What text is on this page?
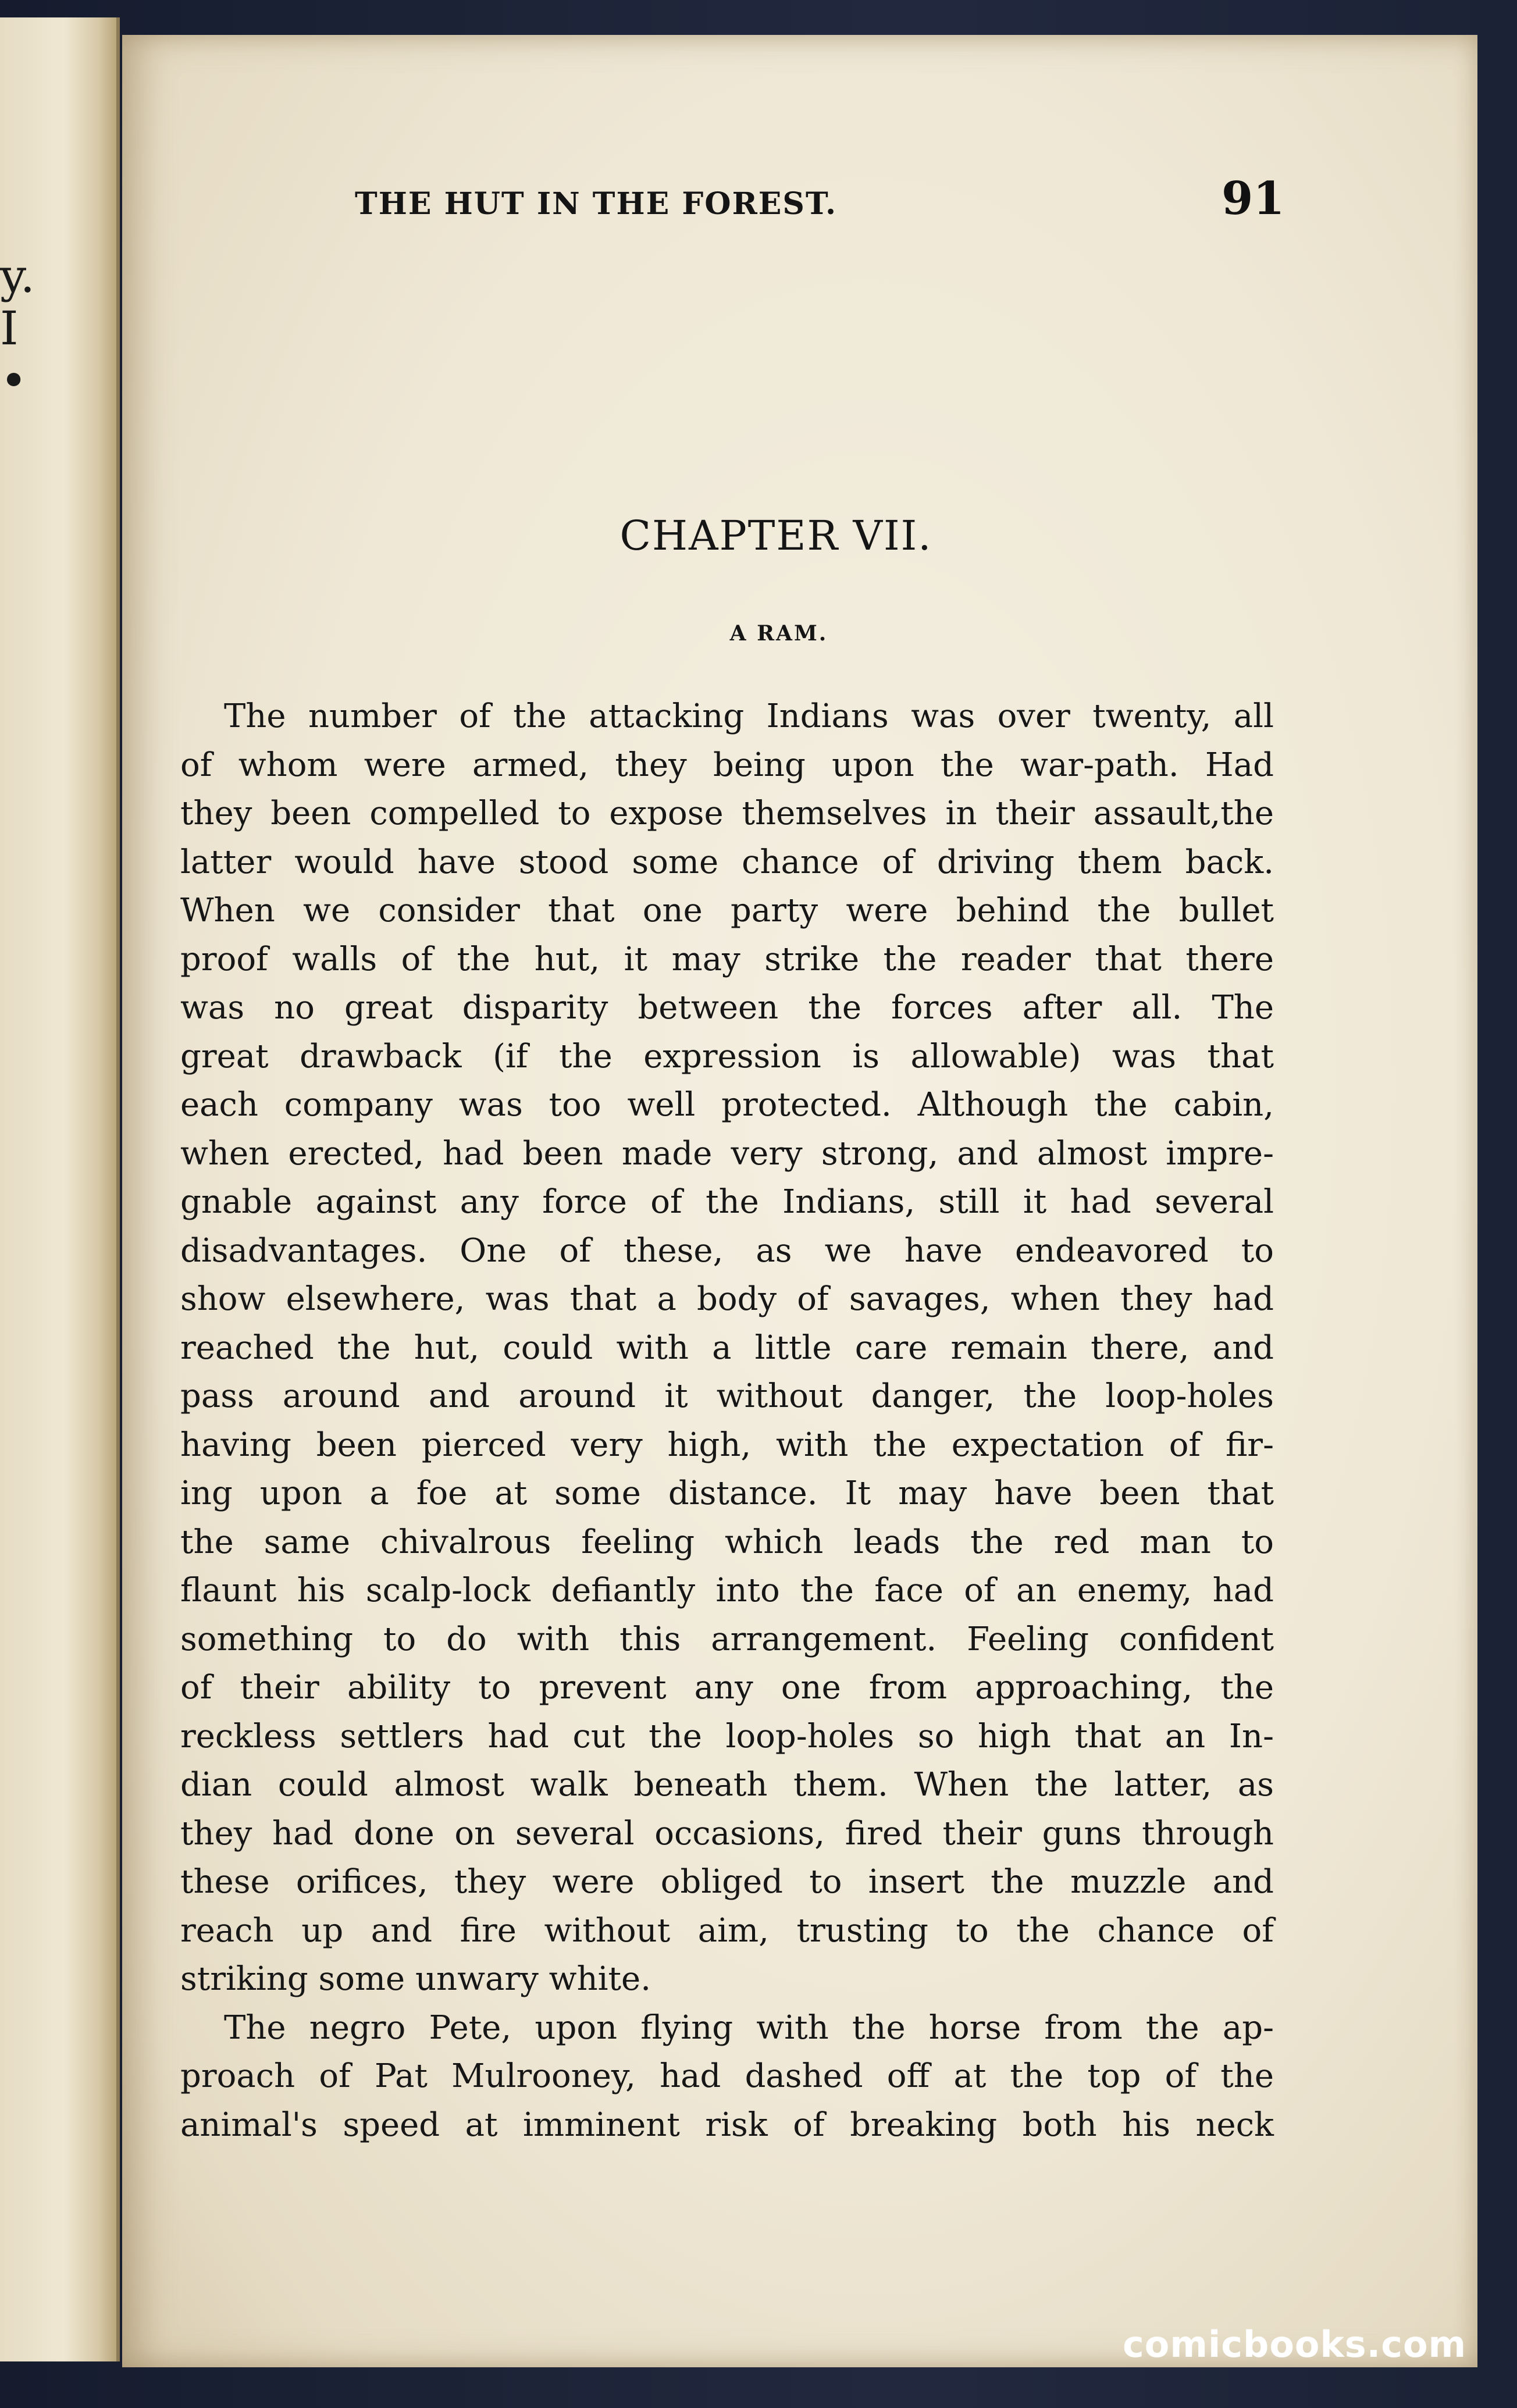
y.
I
•
THE HUT IN THE FOREST.	91
CHAPTER VII.
A RAM.
The number of the attacking Indians was over twenty, all
of whom were armed, they being upon the war-path. Had
they been compelled to expose themselves in their assault,the
latter would have stood some chance of driving them back.
When we consider that one party were behind the bullet
proof walls of the hut, it may strike the reader that there
was no great disparity between the forces after all. The
great drawback (if the expression is allowable) was that
each company was too well protected. Although the cabin,
when erected, had been made very strong, and almost impre-
gnable against any force of the Indians, still it had several
disadvantages. One of these, as we have endeavored to
show elsewhere, was that a body of savages, when they had
reached the hut, could with a little care remain there, and
pass around and around it without danger, the loop-holes
having been pierced very high, with the expectation of fir-
ing upon a foe at some distance. It may have been that
the same chivalrous feeling which leads the red man to
flaunt his scalp-lock defiantly into the face of an enemy, had
something to do with this arrangement. Feeling confident
of their ability to prevent any one from approaching, the
reckless settlers had cut the loop-holes so high that an In-
dian could almost walk beneath them. When the latter, as
they had done on several occasions, fired their guns through
these orifices, they were obliged to insert the muzzle and
reach up and fire without aim, trusting to the chance of
striking some unwary white.
The negro Pete, upon flying with the horse from the ap-
proach of Pat Mulrooney, had dashed off at the top of the
animal's speed at imminent risk of breaking both his neck
comicbooks.com
